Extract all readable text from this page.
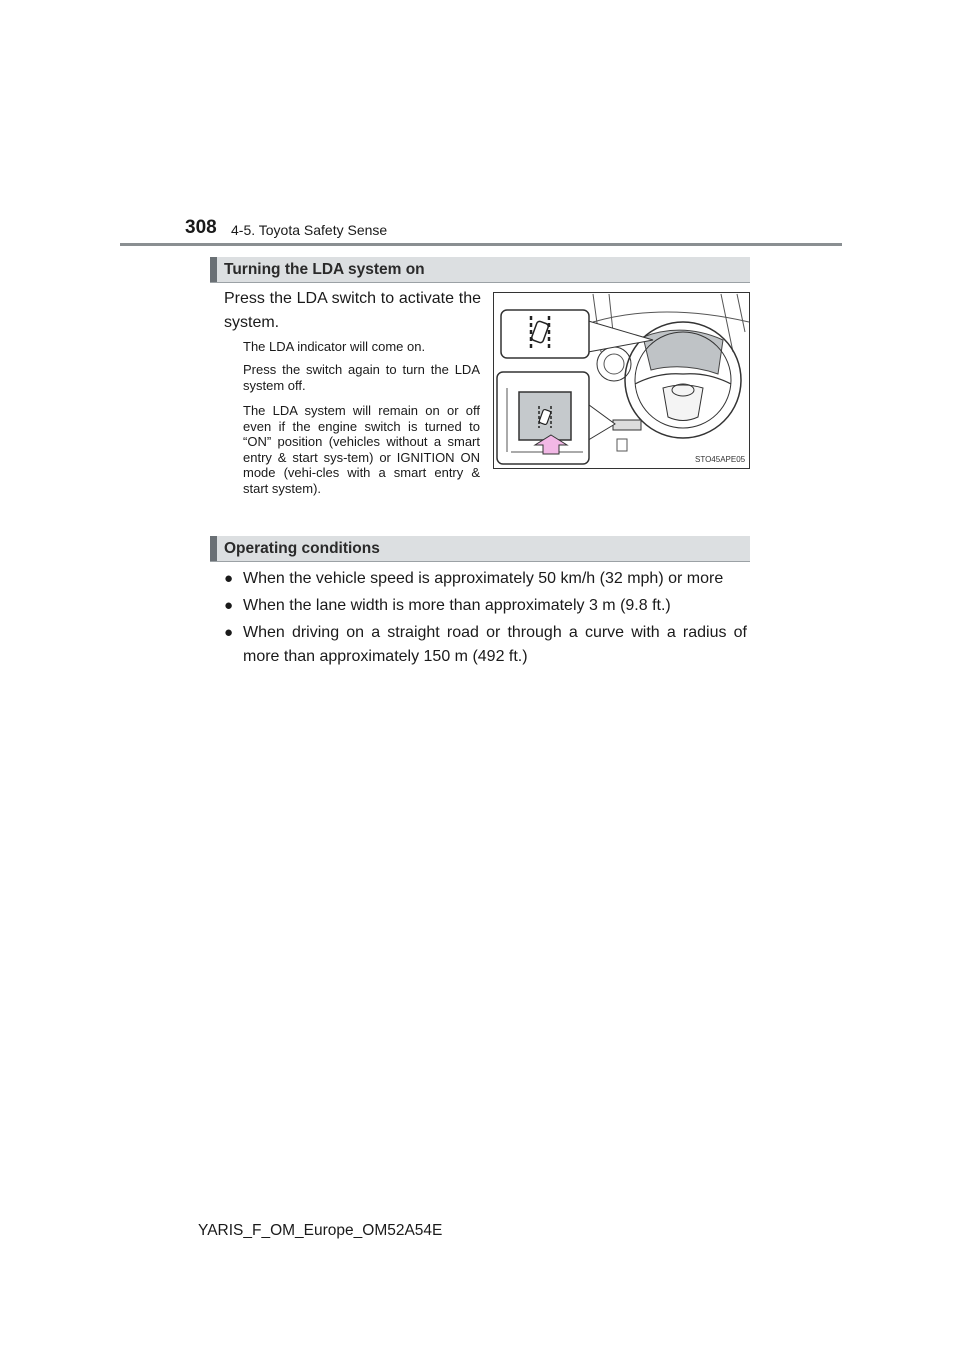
308 4-5. Toyota Safety Sense
Turning the LDA system on
Press the LDA switch to activate the system.
The LDA indicator will come on.
Press the switch again to turn the LDA system off.
The LDA system will remain on or off even if the engine switch is turned to “ON” position (vehicles without a smart entry & start sys-tem) or IGNITION ON mode (vehi-cles with a smart entry & start system).
STO45APE05
Operating conditions
● When the vehicle speed is approximately 50 km/h (32 mph) or more
● When the lane width is more than approximately 3 m (9.8 ft.)
● When driving on a straight road or through a curve with a radius of more than approximately 150 m (492 ft.)
YARIS_F_OM_Europe_OM52A54E
